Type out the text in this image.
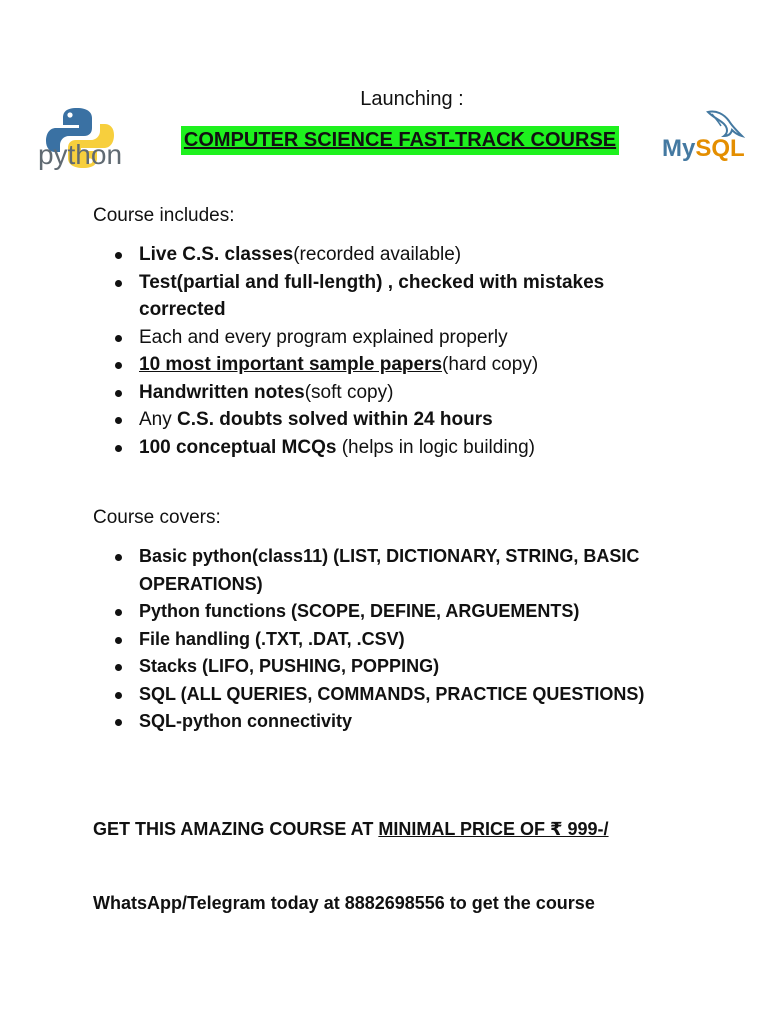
Launching :
COMPUTER SCIENCE FAST-TRACK COURSE
python	MySQL
Course includes:
Live C.S. classes(recorded available)
Test(partial and full-length) , checked with mistakes corrected
Each and every program explained properly
10 most important sample papers(hard copy)
Handwritten notes(soft copy)
Any C.S. doubts solved within 24 hours
100 conceptual MCQs (helps in logic building)
Course covers:
Basic python(class11) (LIST, DICTIONARY, STRING, BASIC OPERATIONS)
Python functions (SCOPE, DEFINE, ARGUEMENTS)
File handling (.TXT, .DAT, .CSV)
Stacks (LIFO, PUSHING, POPPING)
SQL (ALL QUERIES, COMMANDS, PRACTICE QUESTIONS)
SQL-python connectivity
GET THIS AMAZING COURSE AT MINIMAL PRICE OF ₹ 999-/
WhatsApp/Telegram today at 8882698556 to get the course
